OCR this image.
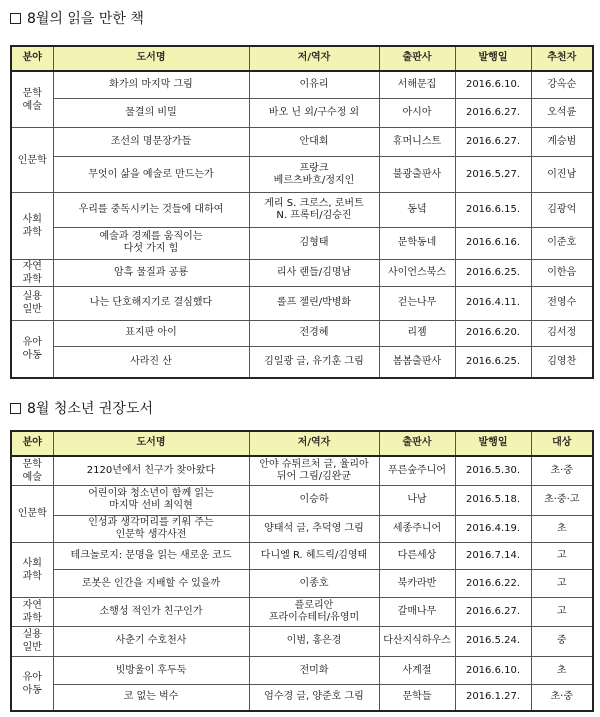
8월의 읽을 만한 책
분야	도서명	저/역자	출판사	발행일	추천자
문학
예술	화가의 마지막 그림	이유리	서해문집	2016.6.10.	강옥순
	물결의 비밀	바오 닌 외/구수정 외	아시아	2016.6.27.	오석륜
인문학	조선의 명문장가들	안대회	휴머니스트	2016.6.27.	계승범
	무엇이 삶을 예술로 만드는가	프랑크
베르츠바흐/정지인	불광출판사	2016.5.27.	이진남
사회
과학	우리를 중독시키는 것들에 대하여	게리 S. 크로스, 로버트
N. 프록터/김승진	동녘	2016.6.15.	김광억
	예술과 경제를 움직이는
다섯 가지 힘	김형태	문학동네	2016.6.16.	이준호
자연
과학	암흑 물질과 공룡	리사 랜들/김명남	사이언스북스	2016.6.25.	이한음
실용
일반	나는 단호해지기로 결심했다	롤프 젤린/박병화	걷는나무	2016.4.11.	전영수
유아
아동	표지판 아이	전경혜	리젬	2016.6.20.	김서정
	사라진 산	김일광 글, 유기훈 그림	봄봄출판사	2016.6.25.	김영찬
8월 청소년 권장도서
분야	도서명	저/역자	출판사	발행일	대상
문학
예술	2120년에서 친구가 찾아왔다	안야 슈튀르처 글, 율리아
뒤어 그림/김완균	푸른숲주니어	2016.5.30.	초·중
인문학	어린이와 청소년이 함께 읽는
마지막 선비 최익현	이승하	나남	2016.5.18.	초·중·고
	인성과 생각머리를 키워 주는
인문학 생각사전	양태석 글, 추덕영 그림	세종주니어	2016.4.19.	초
사회
과학	테크놀로지: 문명을 읽는 새로운 코드	다니엘 R. 헤드릭/김영태	다른세상	2016.7.14.	고
	로봇은 인간을 지배할 수 있을까	이종호	북카라반	2016.6.22.	고
자연
과학	소행성 적인가 친구인가	플로리안
프라이슈테터/유영미	갈매나무	2016.6.27.	고
실용
일반	사춘기 수호천사	이범, 홍은경	다산지식하우스	2016.5.24.	중
유아
아동	빗방울이 후두둑	전미화	사계절	2016.6.10.	초
	코 없는 벅수	엄수경 글, 양준호 그림	문학들	2016.1.27.	초·중
